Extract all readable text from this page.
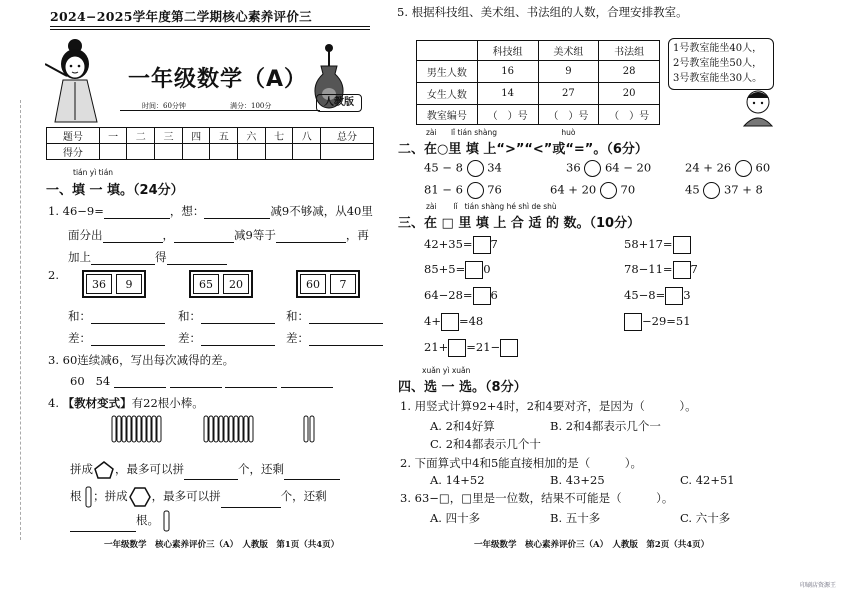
2024−2025学年度第二学期核心素养评价三
一年级数学（A）
时间：60分钟	满分：100分	人教版
题号	一	二	三	四	五	六	七	八	总分
得分									
tián yì tián
一、填 一 填。（24分）
1. 46−9=	，想：	减9不够减，从40里
面分出	，	减9等于	，再
加上	得
2.
36	9	65	20	60	7
和：	和：	和：
差：	差：	差：
3. 60连续减6，写出每次减得的差。
60 54
4. 【教材变式】有22根小棒。
拼成 ，最多可以拼	个，还剩
根 ；拼成 ，最多可以拼	个，还剩
根。
一年级数学　核心素养评价三（A）　人教版　第1页（共4页）
5. 根据科技组、美术组、书法组的人数，合理安排教室。
	科技组	美术组	书法组
男生人数	16	9	28
女生人数	14	27	20
教室编号	（　）号	（　）号	（　）号
1号教室能坐40人，
2号教室能坐50人，
3号教室能坐30人。
zài lǐ tián shàng	huò
二、在○里 填 上“>”“<”或“=”。（6分）
45 − 8 34	36 64 − 20	24 + 26 60
81 − 6 76	64 + 20 70	45 37 + 8
zài lǐ tián shàng hé shì de shù
三、在 □ 里 填 上 合 适 的 数。（10分）
42+35= 7	58+17=
85+5= 0	78−11= 7
64−28= 6	45−8= 3
4+ =48	−29=51
21+ =21−
xuǎn yì xuǎn
四、选 一 选。（8分）
1. 用竖式计算92+4时，2和4要对齐，是因为（　　　）。
A. 2和4好算	B. 2和4都表示几个一
C. 2和4都表示几个十
2. 下面算式中4和5能直接相加的是（　　　）。
A. 14+52	B. 43+25	C. 42+51
3. 63−□，□里是一位数，结果不可能是（　　　）。
A. 四十多	B. 五十多	C. 六十多
一年级数学　核心素养评价三（A）　人教版　第2页（共4页）
印刷店资源王
